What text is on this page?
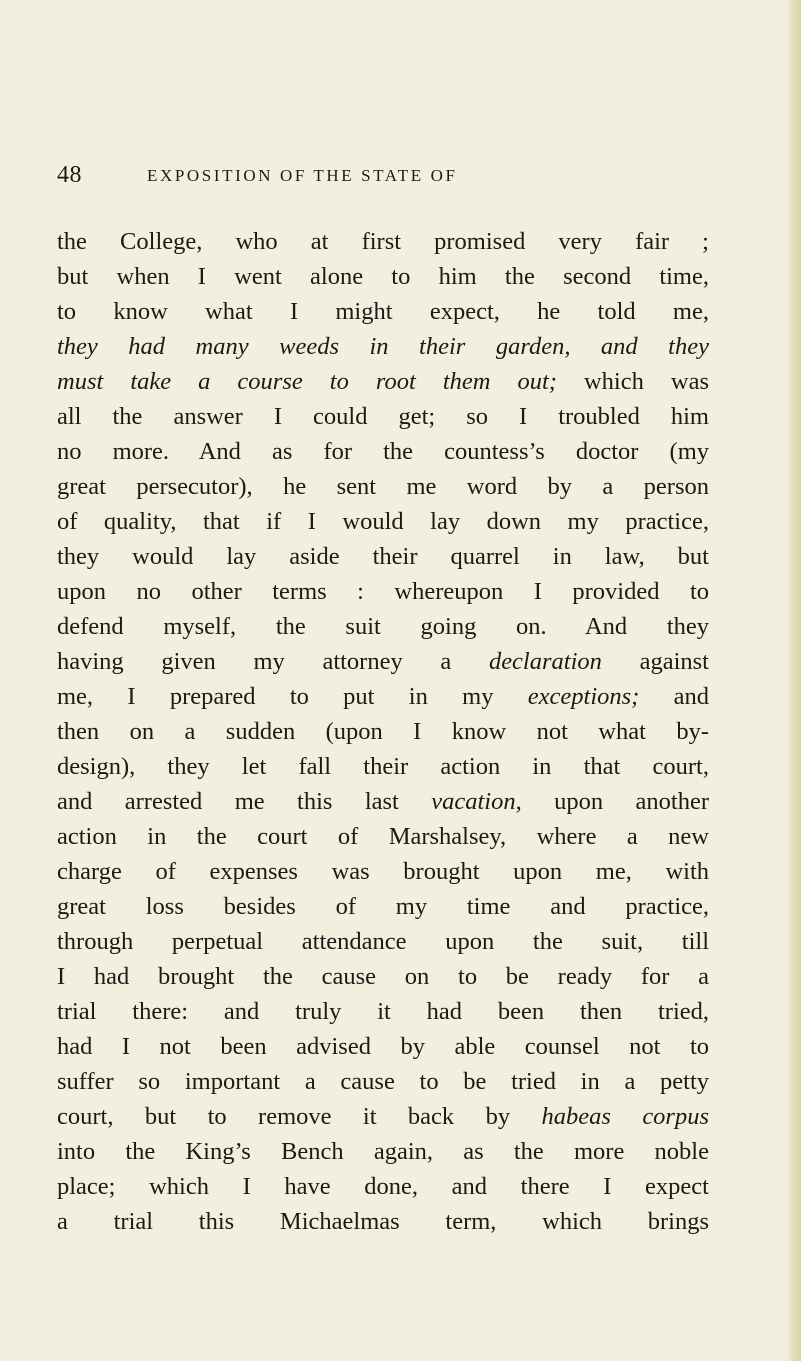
48	EXPOSITION OF THE STATE OF
the College, who at first promised very fair ;
but when I went alone to him the second time,
to know what I might expect, he told me,
they had many weeds in their garden, and they
must take a course to root them out; which was
all the answer I could get; so I troubled him
no more. And as for the countess’s doctor (my
great persecutor), he sent me word by a person
of quality, that if I would lay down my practice,
they would lay aside their quarrel in law, but
upon no other terms : whereupon I provided to
defend myself, the suit going on. And they
having given my attorney a declaration against
me, I prepared to put in my exceptions; and
then on a sudden (upon I know not what by-
design), they let fall their action in that court,
and arrested me this last vacation, upon another
action in the court of Marshalsey, where a new
charge of expenses was brought upon me, with
great loss besides of my time and practice,
through perpetual attendance upon the suit, till
I had brought the cause on to be ready for a
trial there: and truly it had been then tried,
had I not been advised by able counsel not to
suffer so important a cause to be tried in a petty
court, but to remove it back by habeas corpus
into the King’s Bench again, as the more noble
place; which I have done, and there I expect
a trial this Michaelmas term, which brings
